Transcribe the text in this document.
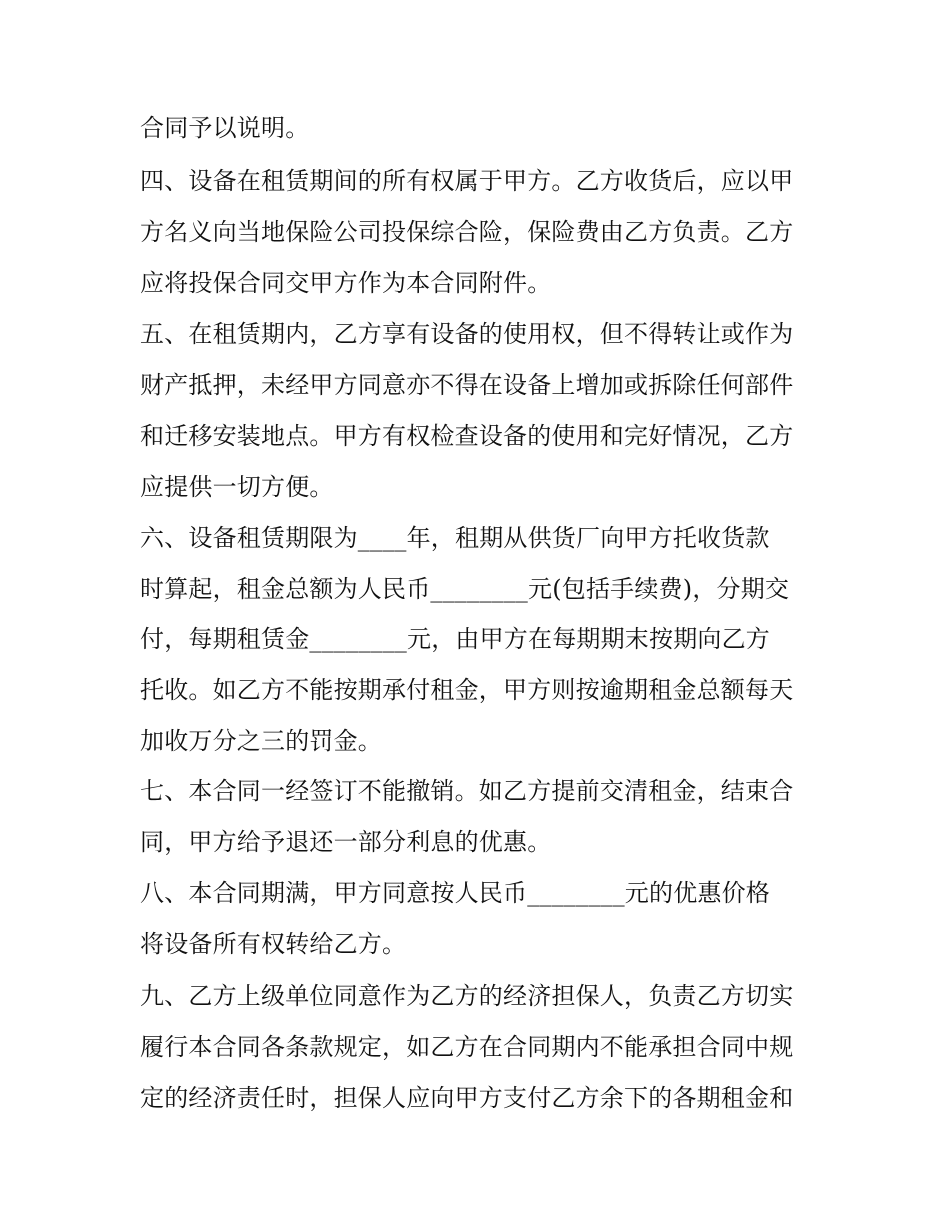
合同予以说明。
四、设备在租赁期间的所有权属于甲方。乙方收货后，应以甲
方名义向当地保险公司投保综合险，保险费由乙方负责。乙方
应将投保合同交甲方作为本合同附件。
五、在租赁期内，乙方享有设备的使用权，但不得转让或作为
财产抵押，未经甲方同意亦不得在设备上增加或拆除任何部件
和迁移安装地点。甲方有权检查设备的使用和完好情况，乙方
应提供一切方便。
六、设备租赁期限为____年，租期从供货厂向甲方托收货款
时算起，租金总额为人民币________元(包括手续费)，分期交
付，每期租赁金________元，由甲方在每期期末按期向乙方
托收。如乙方不能按期承付租金，甲方则按逾期租金总额每天
加收万分之三的罚金。
七、本合同一经签订不能撤销。如乙方提前交清租金，结束合
同，甲方给予退还一部分利息的优惠。
八、本合同期满，甲方同意按人民币________元的优惠价格
将设备所有权转给乙方。
九、乙方上级单位同意作为乙方的经济担保人，负责乙方切实
履行本合同各条款规定，如乙方在合同期内不能承担合同中规
定的经济责任时，担保人应向甲方支付乙方余下的各期租金和
